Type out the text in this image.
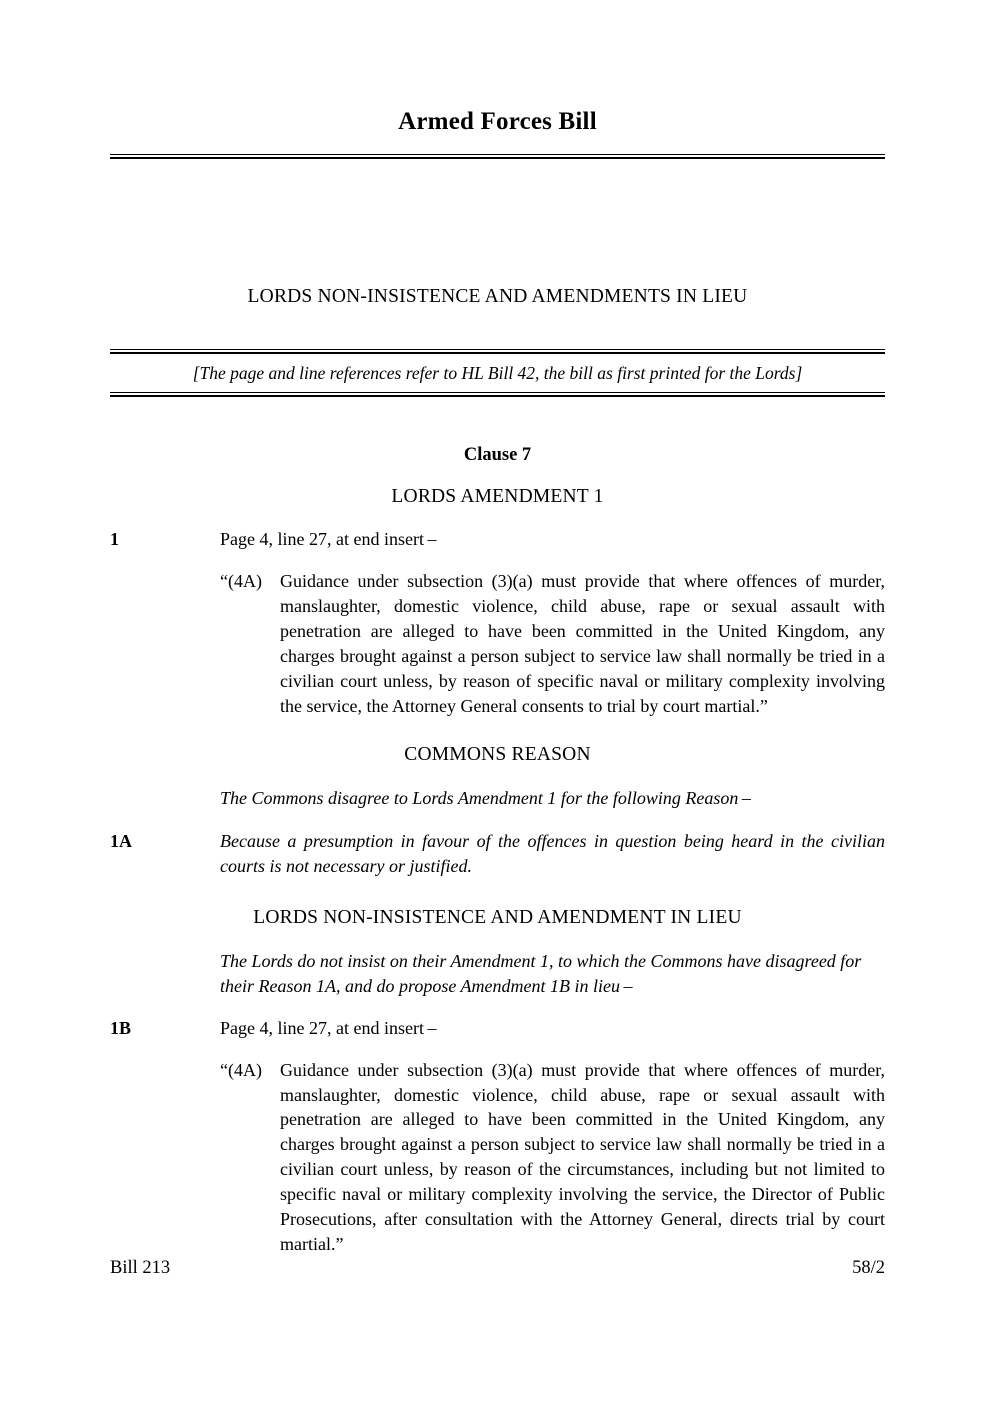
Armed Forces Bill
LORDS NON-INSISTENCE AND AMENDMENTS IN LIEU
[The page and line references refer to HL Bill 42, the bill as first printed for the Lords]
Clause 7
LORDS AMENDMENT 1
1	Page 4, line 27, at end insert –
“(4A) Guidance under subsection (3)(a) must provide that where offences of murder, manslaughter, domestic violence, child abuse, rape or sexual assault with penetration are alleged to have been committed in the United Kingdom, any charges brought against a person subject to service law shall normally be tried in a civilian court unless, by reason of specific naval or military complexity involving the service, the Attorney General consents to trial by court martial.”
COMMONS REASON
The Commons disagree to Lords Amendment 1 for the following Reason –
1A	Because a presumption in favour of the offences in question being heard in the civilian courts is not necessary or justified.
LORDS NON-INSISTENCE AND AMENDMENT IN LIEU
The Lords do not insist on their Amendment 1, to which the Commons have disagreed for their Reason 1A, and do propose Amendment 1B in lieu –
1B	Page 4, line 27, at end insert –
“(4A) Guidance under subsection (3)(a) must provide that where offences of murder, manslaughter, domestic violence, child abuse, rape or sexual assault with penetration are alleged to have been committed in the United Kingdom, any charges brought against a person subject to service law shall normally be tried in a civilian court unless, by reason of the circumstances, including but not limited to specific naval or military complexity involving the service, the Director of Public Prosecutions, after consultation with the Attorney General, directs trial by court martial.”
Bill 213	58/2
